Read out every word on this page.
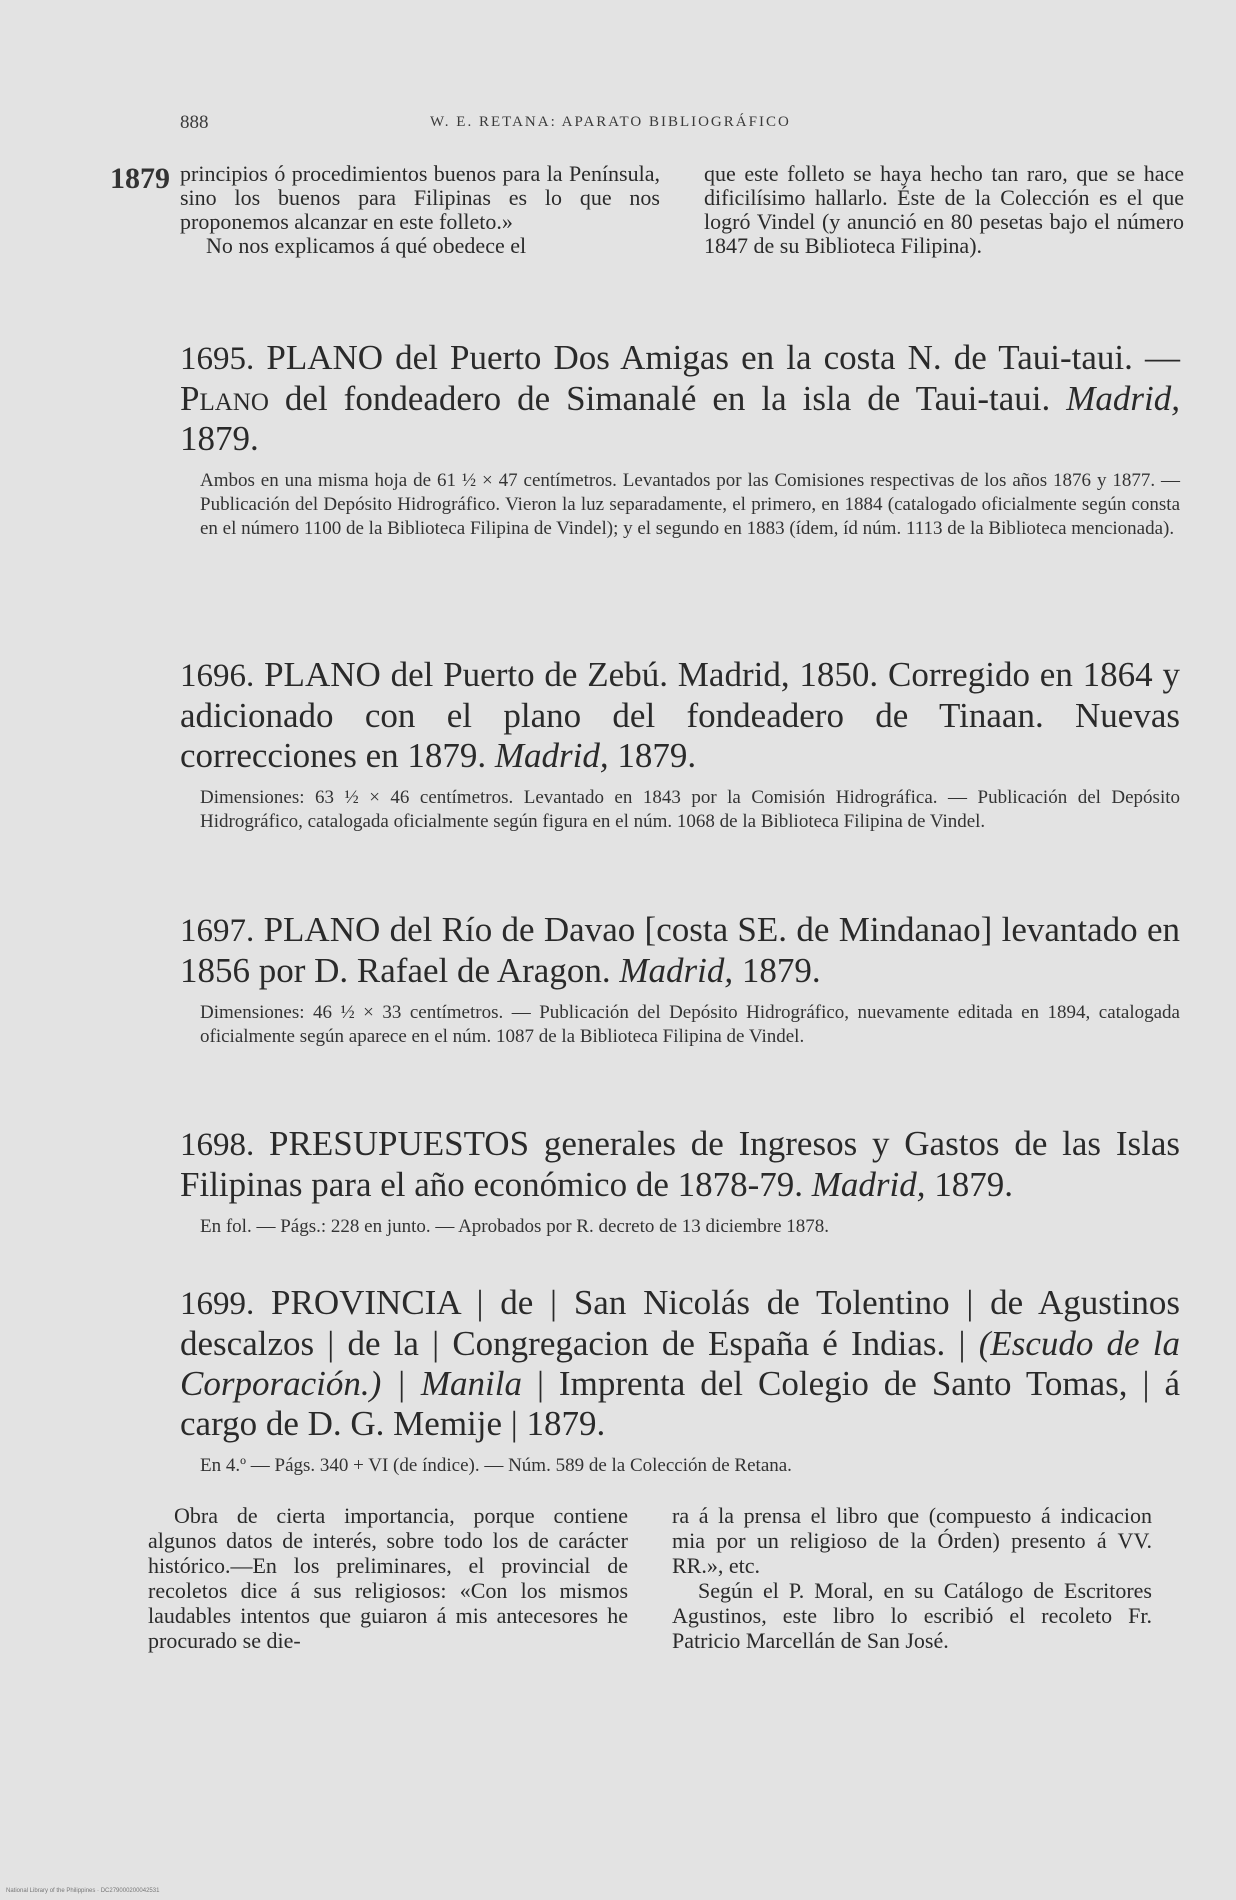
888	W. E. RETANA: APARATO BIBLIOGRÁFICO
1879 principios ó procedimientos buenos para la Península, sino los buenos para Filipinas es lo que nos proponemos alcanzar en este folleto.»

No nos explicamos á qué obedece el

que este folleto se haya hecho tan raro, que se hace dificilísimo hallarlo. Éste de la Colección es el que logró Vindel (y anunció en 80 pesetas bajo el número 1847 de su Biblioteca Filipina).

1695. PLANO del Puerto Dos Amigas en la costa N. de Taui-taui. — Plano del fondeadero de Simanalé en la isla de Taui-taui. Madrid, 1879.

Ambos en una misma hoja de 61 ½ × 47 centímetros. Levantados por las Comisiones respectivas de los años 1876 y 1877. — Publicación del Depósito Hidrográfico. Vieron la luz separadamente, el primero, en 1884 (catalogado oficialmente según consta en el número 1100 de la Biblioteca Filipina de Vindel); y el segundo en 1883 (ídem, íd núm. 1113 de la Biblioteca mencionada).

1696. PLANO del Puerto de Zebú. Madrid, 1850. Corregido en 1864 y adicionado con el plano del fondeadero de Tinaan. Nuevas correcciones en 1879. Madrid, 1879.

Dimensiones: 63 ½ × 46 centímetros. Levantado en 1843 por la Comisión Hidrográfica. — Publicación del Depósito Hidrográfico, catalogada oficialmente según figura en el núm. 1068 de la Biblioteca Filipina de Vindel.

1697. PLANO del Río de Davao [costa SE. de Mindanao] levantado en 1856 por D. Rafael de Aragon. Madrid, 1879.

Dimensiones: 46 ½ × 33 centímetros. — Publicación del Depósito Hidrográfico, nuevamente editada en 1894, catalogada oficialmente según aparece en el núm. 1087 de la Biblioteca Filipina de Vindel.

1698. PRESUPUESTOS generales de Ingresos y Gastos de las Islas Filipinas para el año económico de 1878-79. Madrid, 1879.

En fol. — Págs.: 228 en junto. — Aprobados por R. decreto de 13 diciembre 1878.

1699. PROVINCIA | de | San Nicolás de Tolentino | de Agustinos descalzos | de la | Congregacion de España é Indias. | (Escudo de la Corporación.) | Manila | Imprenta del Colegio de Santo Tomas, | á cargo de D. G. Memije | 1879.

En 4.º — Págs. 340 + VI (de índice). — Núm. 589 de la Colección de Retana.

Obra de cierta importancia, porque contiene algunos datos de interés, sobre todo los de carácter histórico.—En los preliminares, el provincial de recoletos dice á sus religiosos: «Con los mismos laudables intentos que guiaron á mis antecesores he procurado se die-

ra á la prensa el libro que (compuesto á indicacion mia por un religioso de la Órden) presento á VV. RR.», etc.

Según el P. Moral, en su Catálogo de Escritores Agustinos, este libro lo escribió el recoleto Fr. Patricio Marcellán de San José.

National Library of the Philippines · DC279000200042531
